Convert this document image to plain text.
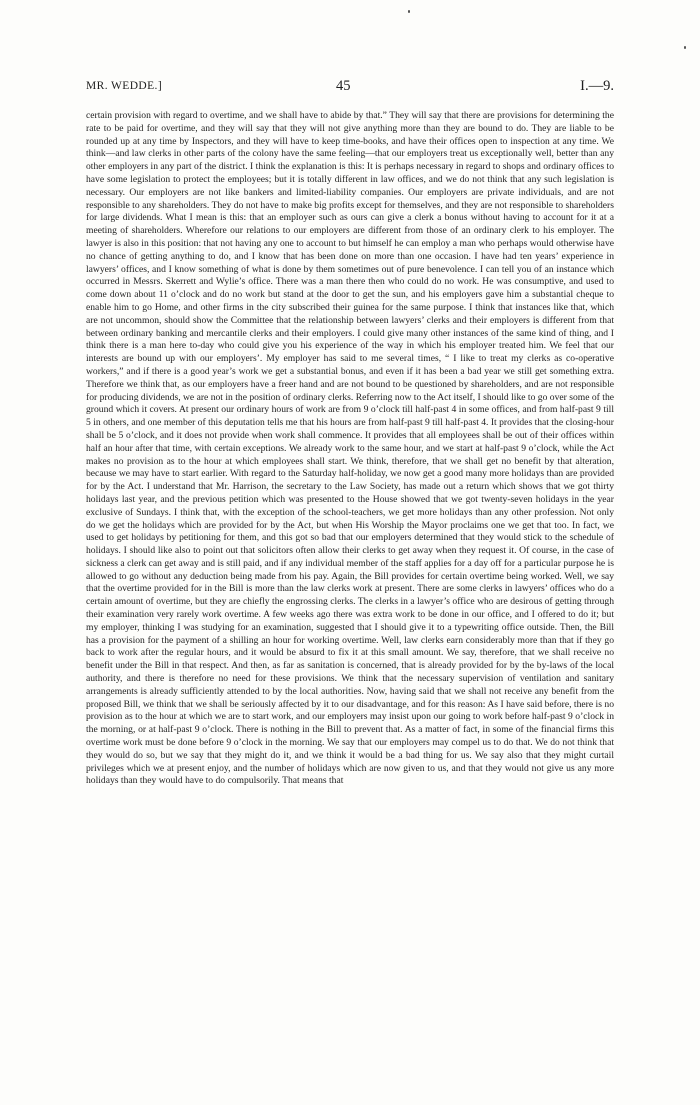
MR. WEDDE.]	45	I.—9.

certain provision with regard to overtime, and we shall have to abide by that.” They will say that there are provisions for determining the rate to be paid for overtime, and they will say that they will not give anything more than they are bound to do. They are liable to be rounded up at any time by Inspectors, and they will have to keep time-books, and have their offices open to inspection at any time. We think—and law clerks in other parts of the colony have the same feeling—that our employers treat us exceptionally well, better than any other employers in any part of the district. I think the explanation is this: It is perhaps necessary in regard to shops and ordinary offices to have some legislation to protect the employees; but it is totally different in law offices, and we do not think that any such legislation is necessary. Our employers are not like bankers and limited-liability companies. Our employers are private individuals, and are not responsible to any shareholders. They do not have to make big profits except for themselves, and they are not responsible to shareholders for large dividends. What I mean is this: that an employer such as ours can give a clerk a bonus without having to account for it at a meeting of shareholders. Wherefore our relations to our employers are different from those of an ordinary clerk to his employer. The lawyer is also in this position: that not having any one to account to but himself he can employ a man who perhaps would otherwise have no chance of getting anything to do, and I know that has been done on more than one occasion. I have had ten years’ experience in lawyers’ offices, and I know something of what is done by them sometimes out of pure benevolence. I can tell you of an instance which occurred in Messrs. Skerrett and Wylie’s office. There was a man there then who could do no work. He was consumptive, and used to come down about 11 o’clock and do no work but stand at the door to get the sun, and his employers gave him a substantial cheque to enable him to go Home, and other firms in the city subscribed their guinea for the same purpose. I think that instances like that, which are not uncommon, should show the Committee that the relationship between lawyers’ clerks and their employers is different from that between ordinary banking and mercantile clerks and their employers. I could give many other instances of the same kind of thing, and I think there is a man here to-day who could give you his experience of the way in which his employer treated him. We feel that our interests are bound up with our employers’. My employer has said to me several times, “ I like to treat my clerks as co-operative workers,” and if there is a good year’s work we get a substantial bonus, and even if it has been a bad year we still get something extra. Therefore we think that, as our employers have a freer hand and are not bound to be questioned by shareholders, and are not responsible for producing dividends, we are not in the position of ordinary clerks. Referring now to the Act itself, I should like to go over some of the ground which it covers. At present our ordinary hours of work are from 9 o’clock till half-past 4 in some offices, and from half-past 9 till 5 in others, and one member of this deputation tells me that his hours are from half-past 9 till half-past 4. It provides that the closing-hour shall be 5 o’clock, and it does not provide when work shall commence. It provides that all employees shall be out of their offices within half an hour after that time, with certain exceptions. We already work to the same hour, and we start at half-past 9 o’clock, while the Act makes no provision as to the hour at which employees shall start. We think, therefore, that we shall get no benefit by that alteration, because we may have to start earlier. With regard to the Saturday half-holiday, we now get a good many more holidays than are provided for by the Act. I understand that Mr. Harrison, the secretary to the Law Society, has made out a return which shows that we got thirty holidays last year, and the previous petition which was presented to the House showed that we got twenty-seven holidays in the year exclusive of Sundays. I think that, with the exception of the school-teachers, we get more holidays than any other profession. Not only do we get the holidays which are provided for by the Act, but when His Worship the Mayor proclaims one we get that too. In fact, we used to get holidays by petitioning for them, and this got so bad that our employers determined that they would stick to the schedule of holidays. I should like also to point out that solicitors often allow their clerks to get away when they request it. Of course, in the case of sickness a clerk can get away and is still paid, and if any individual member of the staff applies for a day off for a particular purpose he is allowed to go without any deduction being made from his pay. Again, the Bill provides for certain overtime being worked. Well, we say that the overtime provided for in the Bill is more than the law clerks work at present. There are some clerks in lawyers’ offices who do a certain amount of overtime, but they are chiefly the engrossing clerks. The clerks in a lawyer’s office who are desirous of getting through their examination very rarely work overtime. A few weeks ago there was extra work to be done in our office, and I offered to do it; but my employer, thinking I was studying for an examination, suggested that I should give it to a typewriting office outside. Then, the Bill has a provision for the payment of a shilling an hour for working overtime. Well, law clerks earn considerably more than that if they go back to work after the regular hours, and it would be absurd to fix it at this small amount. We say, therefore, that we shall receive no benefit under the Bill in that respect. And then, as far as sanitation is concerned, that is already provided for by the by-laws of the local authority, and there is therefore no need for these provisions. We think that the necessary supervision of ventilation and sanitary arrangements is already sufficiently attended to by the local authorities. Now, having said that we shall not receive any benefit from the proposed Bill, we think that we shall be seriously affected by it to our disadvantage, and for this reason: As I have said before, there is no provision as to the hour at which we are to start work, and our employers may insist upon our going to work before half-past 9 o’clock in the morning, or at half-past 9 o’clock. There is nothing in the Bill to prevent that. As a matter of fact, in some of the financial firms this overtime work must be done before 9 o’clock in the morning. We say that our employers may compel us to do that. We do not think that they would do so, but we say that they might do it, and we think it would be a bad thing for us. We say also that they might curtail privileges which we at present enjoy, and the number of holidays which are now given to us, and that they would not give us any more holidays than they would have to do compulsorily. That means that
